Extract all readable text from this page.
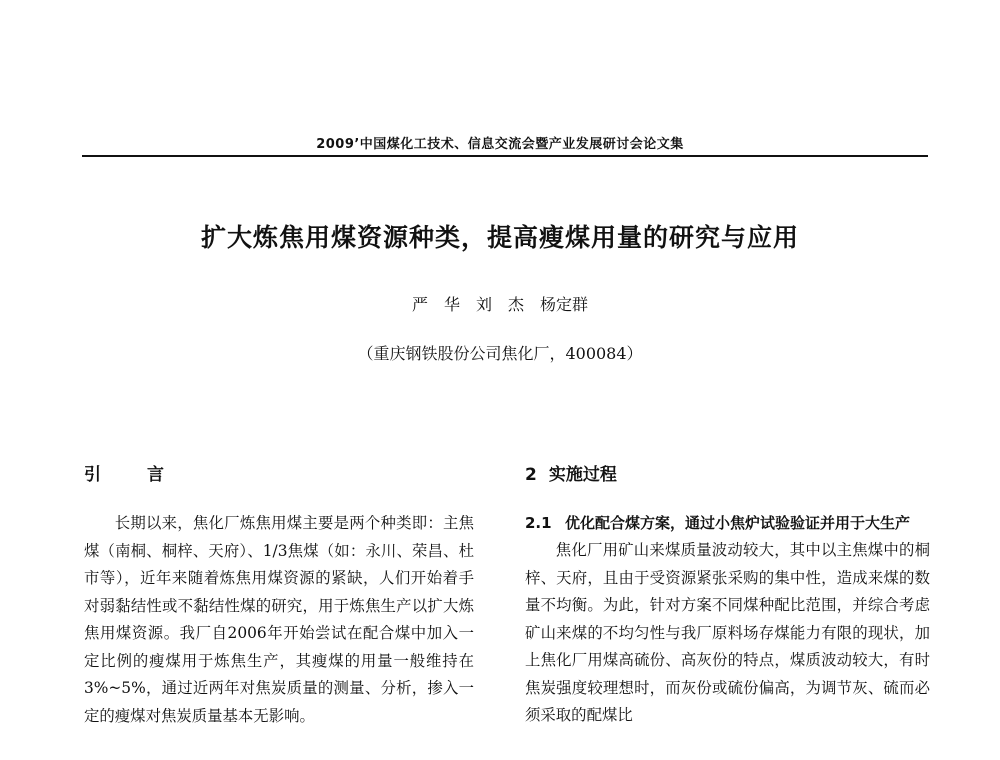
2009’中国煤化工技术、信息交流会暨产业发展研讨会论文集
扩大炼焦用煤资源种类，提高瘦煤用量的研究与应用
严　华　刘　杰　杨定群
（重庆钢铁股份公司焦化厂，400084）
引	言

长期以来，焦化厂炼焦用煤主要是两个种类即：主焦煤（南桐、桐梓、天府）、1/3焦煤（如：永川、荣昌、杜市等），近年来随着炼焦用煤资源的紧缺，人们开始着手对弱黏结性或不黏结性煤的研究，用于炼焦生产以扩大炼焦用煤资源。我厂自2006年开始尝试在配合煤中加入一定比例的瘦煤用于炼焦生产，其瘦煤的用量一般维持在3%~5%，通过近两年对焦炭质量的测量、分析，掺入一定的瘦煤对焦炭质量基本无影响。

2 实施过程
2.1 优化配合煤方案，通过小焦炉试验验证并用于大生产

焦化厂用矿山来煤质量波动较大，其中以主焦煤中的桐梓、天府，且由于受资源紧张采购的集中性，造成来煤的数量不均衡。为此，针对方案不同煤种配比范围，并综合考虑矿山来煤的不均匀性与我厂原料场存煤能力有限的现状，加上焦化厂用煤高硫份、高灰份的特点，煤质波动较大，有时焦炭强度较理想时，而灰份或硫份偏高，为调节灰、硫而必须采取的配煤比
